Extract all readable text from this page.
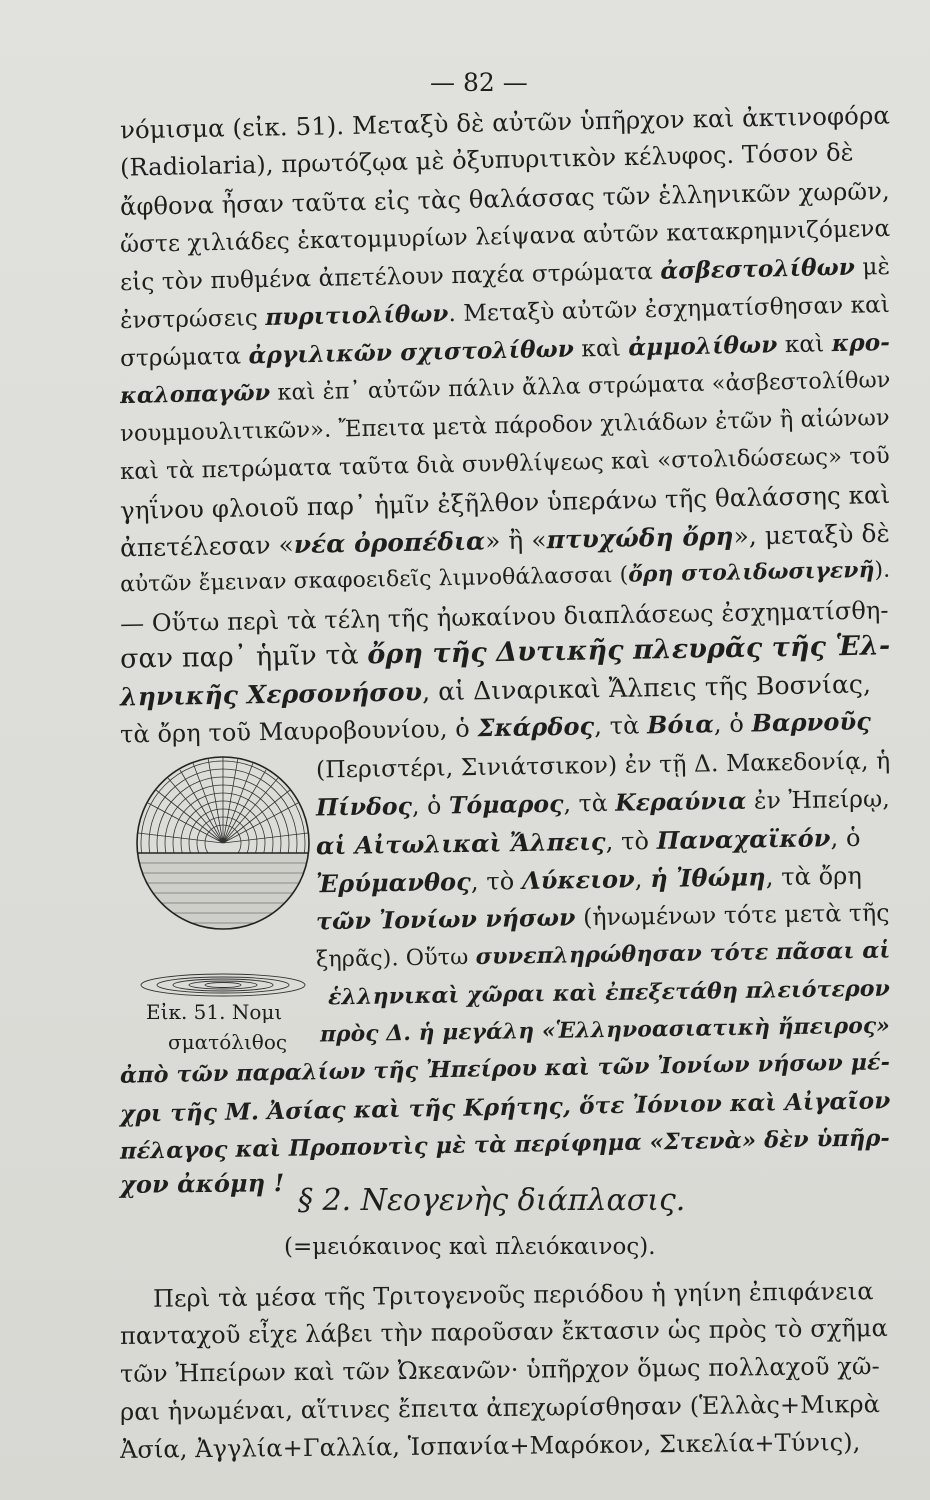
— 82 —

νόμισμα (εἰκ. 51). Μεταξὺ δὲ αὐτῶν ὑπῆρχον καὶ ἀκτινοφόρα

(Radiolaria), πρωτόζῳα μὲ ὀξυπυριτικὸν κέλυφος. Τόσον δὲ

ἄφθονα ἦσαν ταῦτα εἰς τὰς θαλάσσας τῶν ἑλληνικῶν χωρῶν,

ὥστε χιλιάδες ἑκατομμυρίων λείψανα αὐτῶν κατακρημνιζόμενα

εἰς τὸν πυθμένα ἀπετέλουν παχέα στρώματα ἀσβεστολίθων μὲ

ἐνστρώσεις πυριτιολίθων. Μεταξὺ αὐτῶν ἐσχηματίσθησαν καὶ

στρώματα ἀργιλικῶν σχιστολίθων καὶ ἀμμολίθων καὶ κρο-

καλοπαγῶν καὶ ἐπ᾽ αὐτῶν πάλιν ἄλλα στρώματα «ἀσβεστολίθων

νουμμουλιτικῶν». Ἔπειτα μετὰ πάροδον χιλιάδων ἐτῶν ἢ αἰώνων

καὶ τὰ πετρώματα ταῦτα διὰ συνθλίψεως καὶ «στολιδώσεως» τοῦ

γηΐνου φλοιοῦ παρ᾽ ἡμῖν ἐξῆλθον ὑπεράνω τῆς θαλάσσης καὶ

ἀπετέλεσαν «νέα ὀροπέδια» ἢ «πτυχώδη ὄρη», μεταξὺ δὲ

αὐτῶν ἔμειναν σκαφοειδεῖς λιμνοθάλασσαι (ὄρη στολιδωσιγενῆ).

— Οὕτω περὶ τὰ τέλη τῆς ἠωκαίνου διαπλάσεως ἐσχηματίσθη-

σαν παρ᾽ ἡμῖν τὰ ὄρη τῆς Δυτικῆς πλευρᾶς τῆς Ἑλ-

ληνικῆς Χερσονήσου, αἱ Διναρικαὶ Ἄλπεις τῆς Βοσνίας,

τὰ ὄρη τοῦ Μαυροβουνίου, ὁ Σκάρδος, τὰ Βόια, ὁ Βαρνοῦς

(Περιστέρι, Σινιάτσικον) ἐν τῇ Δ. Μακεδονίᾳ, ἡ

Πίνδος, ὁ Τόμαρος, τὰ Κεραύνια ἐν Ἠπείρῳ,

αἱ Αἰτωλικαὶ Ἄλπεις, τὸ Παναχαϊκόν, ὁ

Ἐρύμανθος, τὸ Λύκειον, ἡ Ἰθώμη, τὰ ὄρη

τῶν Ἰονίων νήσων (ἡνωμένων τότε μετὰ τῆς

ξηρᾶς). Οὕτω συνεπληρώθησαν τότε πᾶσαι αἱ

ἑλληνικαὶ χῶραι καὶ ἐπεξετάθη πλειότερον

πρὸς Δ. ἡ μεγάλη «Ἑλληνοασιατικὴ ἤπειρος»

Εἰκ. 51. Νομι
σματόλιθος

ἀπὸ τῶν παραλίων τῆς Ἠπείρου καὶ τῶν Ἰονίων νήσων μέ-

χρι τῆς Μ. Ἀσίας καὶ τῆς Κρήτης, ὅτε Ἰόνιον καὶ Αἰγαῖον

πέλαγος καὶ Προποντὶς μὲ τὰ περίφημα «Στενὰ» δὲν ὑπῆρ-

χον ἀκόμη ! § 2. Νεογενὴς διάπλασις.
(=μειόκαινος καὶ πλειόκαινος).

Περὶ τὰ μέσα τῆς Τριτογενοῦς περιόδου ἡ γηίνη ἐπιφάνεια

πανταχοῦ εἶχε λάβει τὴν παροῦσαν ἔκτασιν ὡς πρὸς τὸ σχῆμα

τῶν Ἠπείρων καὶ τῶν Ὠκεανῶν· ὑπῆρχον ὅμως πολλαχοῦ χῶ-

ραι ἡνωμέναι, αἵτινες ἔπειτα ἀπεχωρίσθησαν (Ἑλλὰς+Μικρὰ

Ἀσία, Ἀγγλία+Γαλλία, Ἱσπανία+Μαρόκον, Σικελία+Τύνις),
